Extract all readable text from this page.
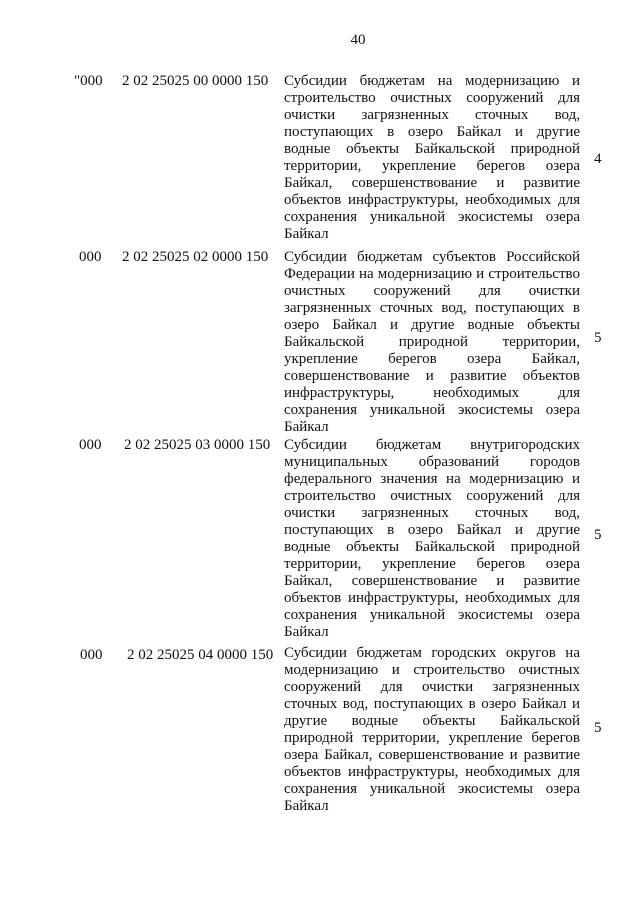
40
"000 2 02 25025 00 0000 150 Субсидии бюджетам на модернизацию и строительство очистных сооружений для очистки загрязненных сточных вод, поступающих в озеро Байкал и другие водные объекты Байкальской природной территории, укрепление берегов озера Байкал, совершенствование и развитие объектов инфраструктуры, необходимых для сохранения уникальной экосистемы озера Байкал
4
000 2 02 25025 02 0000 150 Субсидии бюджетам субъектов Российской Федерации на модернизацию и строительство очистных сооружений для очистки загрязненных сточных вод, поступающих в озеро Байкал и другие водные объекты Байкальской природной территории, укрепление берегов озера Байкал, совершенствование и развитие объектов инфраструктуры, необходимых для сохранения уникальной экосистемы озера Байкал
5
000 2 02 25025 03 0000 150 Субсидии бюджетам внутригородских муниципальных образований городов федерального значения на модернизацию и строительство очистных сооружений для очистки загрязненных сточных вод, поступающих в озеро Байкал и другие водные объекты Байкальской природной территории, укрепление берегов озера Байкал, совершенствование и развитие объектов инфраструктуры, необходимых для сохранения уникальной экосистемы озера Байкал
5
000 2 02 25025 04 0000 150 Субсидии бюджетам городских округов на модернизацию и строительство очистных сооружений для очистки загрязненных сточных вод, поступающих в озеро Байкал и другие водные объекты Байкальской природной территории, укрепление берегов озера Байкал, совершенствование и развитие объектов инфраструктуры, необходимых для сохранения уникальной экосистемы озера Байкал
5
